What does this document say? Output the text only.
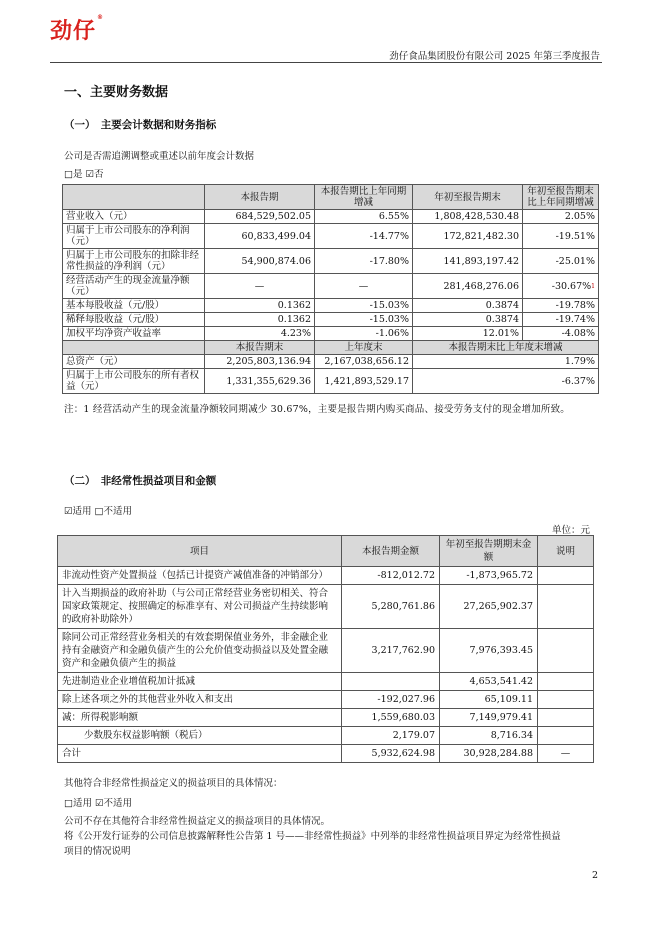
劲仔®
劲仔食品集团股份有限公司 2025 年第三季度报告
一、主要财务数据
（一）　主要会计数据和财务指标
公司是否需追溯调整或重述以前年度会计数据
□是 ☑否
	本报告期	本报告期比上年同期增减	年初至报告期末	年初至报告期末比上年同期增减
营业收入（元）	684,529,502.05	6.55%	1,808,428,530.48	2.05%
归属于上市公司股东的净利润（元）	60,833,499.04	-14.77%	172,821,482.30	-19.51%
归属于上市公司股东的扣除非经常性损益的净利润（元）	54,900,874.06	-17.80%	141,893,197.42	-25.01%
经营活动产生的现金流量净额（元）	—	—	281,468,276.06	-30.67%$^1$
基本每股收益（元/股）	0.1362	-15.03%	0.3874	-19.78%
稀释每股收益（元/股）	0.1362	-15.03%	0.3874	-19.74%
加权平均净资产收益率	4.23%	-1.06%	12.01%	-4.08%
	本报告期末	上年度末	本报告期末比上年度末增减	
总资产（元）	2,205,803,136.94	2,167,038,656.12	1.79%	
归属于上市公司股东的所有者权益（元）	1,331,355,629.36	1,421,893,529.17	-6.37%	
注：1 经营活动产生的现金流量净额较同期减少 30.67%，主要是报告期内购买商品、接受劳务支付的现金增加所致。
（二）　非经常性损益项目和金额
☑适用 □不适用
单位：元
项目	本报告期金额	年初至报告期期末金额	说明
非流动性资产处置损益（包括已计提资产减值准备的冲销部分）	-812,012.72	-1,873,965.72	
计入当期损益的政府补助（与公司正常经营业务密切相关、符合国家政策规定、按照确定的标准享有、对公司损益产生持续影响的政府补助除外）	5,280,761.86	27,265,902.37	
除同公司正常经营业务相关的有效套期保值业务外，非金融企业持有金融资产和金融负债产生的公允价值变动损益以及处置金融资产和金融负债产生的损益	3,217,762.90	7,976,393.45	
先进制造业企业增值税加计抵减		4,653,541.42	
除上述各项之外的其他营业外收入和支出	-192,027.96	65,109.11	
减：所得税影响额	1,559,680.03	7,149,979.41	
少数股东权益影响额（税后）	2,179.07	8,716.34	
合计	5,932,624.98	30,928,284.88	—
其他符合非经常性损益定义的损益项目的具体情况：
□适用 ☑不适用
公司不存在其他符合非经常性损益定义的损益项目的具体情况。
将《公开发行证券的公司信息披露解释性公告第 1 号——非经常性损益》中列举的非经常性损益项目界定为经常性损益
项目的情况说明
2
